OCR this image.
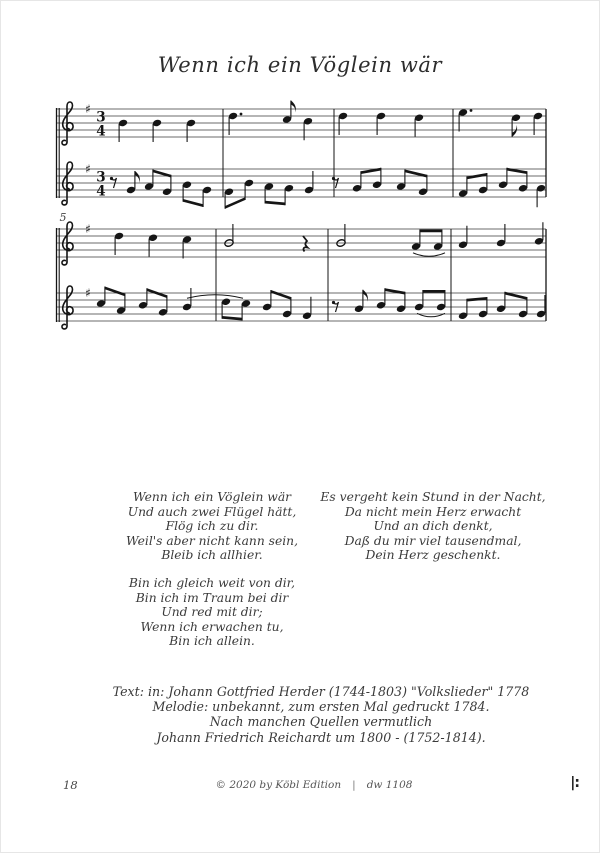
Wenn ich ein Vöglein wär
♯
3
4
♯
3
4
5
♯
♯
Wenn ich ein Vöglein wär
Und auch zwei Flügel hätt,
Flög ich zu dir.
Weil's aber nicht kann sein,
Bleib ich allhier.
Bin ich gleich weit von dir,
Bin ich im Traum bei dir
Und red mit dir;
Wenn ich erwachen tu,
Bin ich allein.
Es vergeht kein Stund in der Nacht,
Da nicht mein Herz erwacht
Und an dich denkt,
Daß du mir viel tausendmal,
Dein Herz geschenkt.
Text: in: Johann Gottfried Herder (1744-1803) "Volkslieder" 1778
Melodie: unbekannt, zum ersten Mal gedruckt 1784.
Nach manchen Quellen vermutlich
Johann Friedrich Reichardt um 1800 - (1752-1814).
18	© 2020 by Köbl Edition | dw 1108	|:
